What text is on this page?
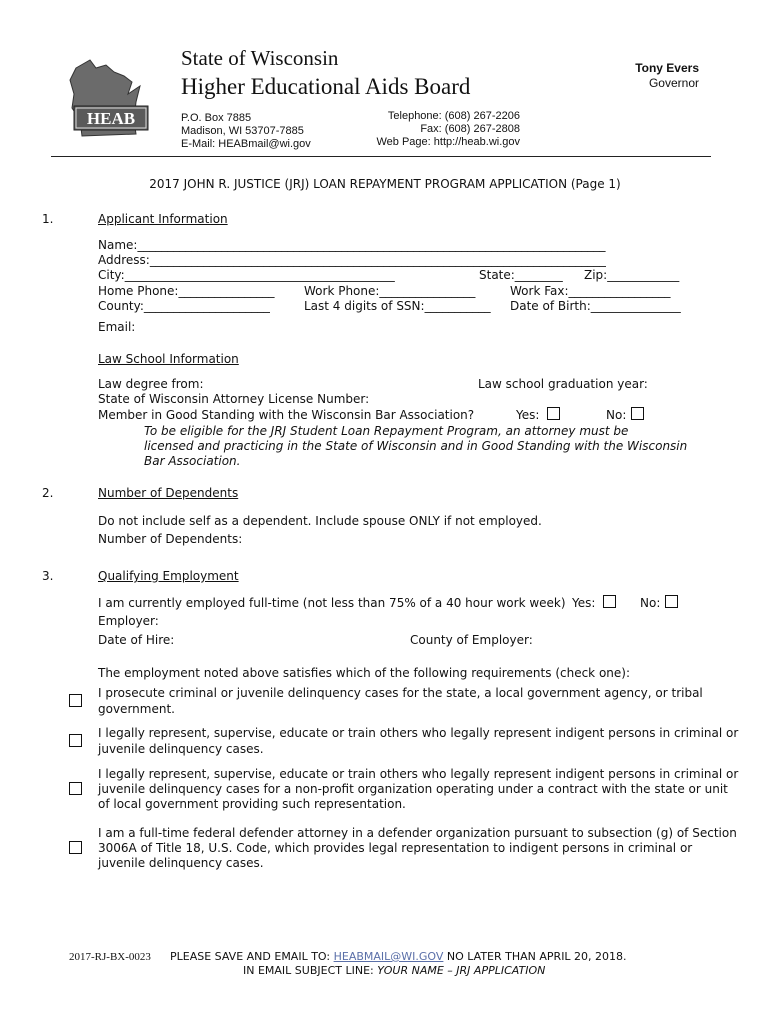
HEAB
State of Wisconsin
Higher Educational Aids Board
P.O. Box 7885
Madison, WI 53707-7885
E-Mail: HEABmail@wi.gov
Telephone: (608) 267-2206
Fax: (608) 267-2808
Web Page: http://heab.wi.gov
Tony Evers
Governor
2017 JOHN R. JUSTICE (JRJ) LOAN REPAYMENT PROGRAM APPLICATION (Page 1)
1.	Applicant Information
Name:______________________________________________________________________________
Address:____________________________________________________________________________
City:_____________________________________________	State:________ Zip:____________
Home Phone:________________ Work Phone:________________	Work Fax:_________________
County:_____________________	Last 4 digits of SSN:___________ Date of Birth:_______________
Email:
Law School Information
Law degree from:	Law school graduation year:
State of Wisconsin Attorney License Number:
Member in Good Standing with the Wisconsin Bar Association?	Yes:	No:
To be eligible for the JRJ Student Loan Repayment Program, an attorney must be
licensed and practicing in the State of Wisconsin and in Good Standing with the Wisconsin
Bar Association.
2.	Number of Dependents
Do not include self as a dependent. Include spouse ONLY if not employed.
Number of Dependents:
3.	Qualifying Employment
I am currently employed full-time (not less than 75% of a 40 hour work week) Yes:	No:
Employer:
Date of Hire:	County of Employer:
The employment noted above satisfies which of the following requirements (check one):
I prosecute criminal or juvenile delinquency cases for the state, a local government agency, or tribal
government.
I legally represent, supervise, educate or train others who legally represent indigent persons in criminal or
juvenile delinquency cases.
I legally represent, supervise, educate or train others who legally represent indigent persons in criminal or
juvenile delinquency cases for a non-profit organization operating under a contract with the state or unit
of local government providing such representation.
I am a full-time federal defender attorney in a defender organization pursuant to subsection (g) of Section
3006A of Title 18, U.S. Code, which provides legal representation to indigent persons in criminal or
juvenile delinquency cases.
2017-RJ-BX-0023 PLEASE SAVE AND EMAIL TO: HEABMAIL@WI.GOV NO LATER THAN APRIL 20, 2018.
IN EMAIL SUBJECT LINE: YOUR NAME – JRJ APPLICATION
